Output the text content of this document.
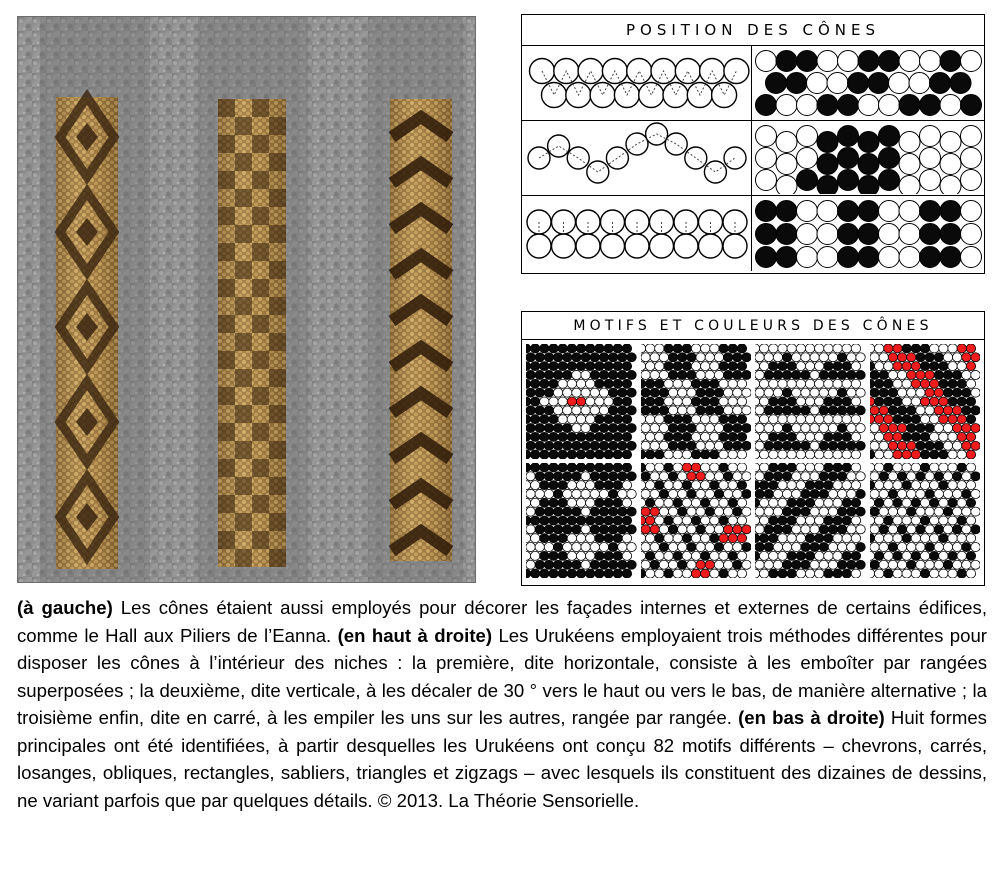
POSITION DES CÔNES
MOTIFS ET COULEURS DES CÔNES

(à gauche) Les cônes étaient aussi employés pour décorer les façades internes et externes de certains édifices, comme le Hall aux Piliers de l’Eanna. (en haut à droite) Les Urukéens employaient trois méthodes différentes pour disposer les cônes à l’intérieur des niches : la première, dite horizontale, consiste à les emboîter par rangées superposées ; la deuxième, dite verticale, à les décaler de 30 ° vers le haut ou vers le bas, de manière alternative ; la troisième enfin, dite en carré, à les empiler les uns sur les autres, rangée par rangée. (en bas à droite) Huit formes principales ont été identifiées, à partir desquelles les Urukéens ont conçu 82 motifs différents – chevrons, carrés, losanges, obliques, rectangles, sabliers, triangles et zigzags – avec lesquels ils constituent des dizaines de dessins, ne variant parfois que par quelques détails. © 2013. La Théorie Sensorielle.
